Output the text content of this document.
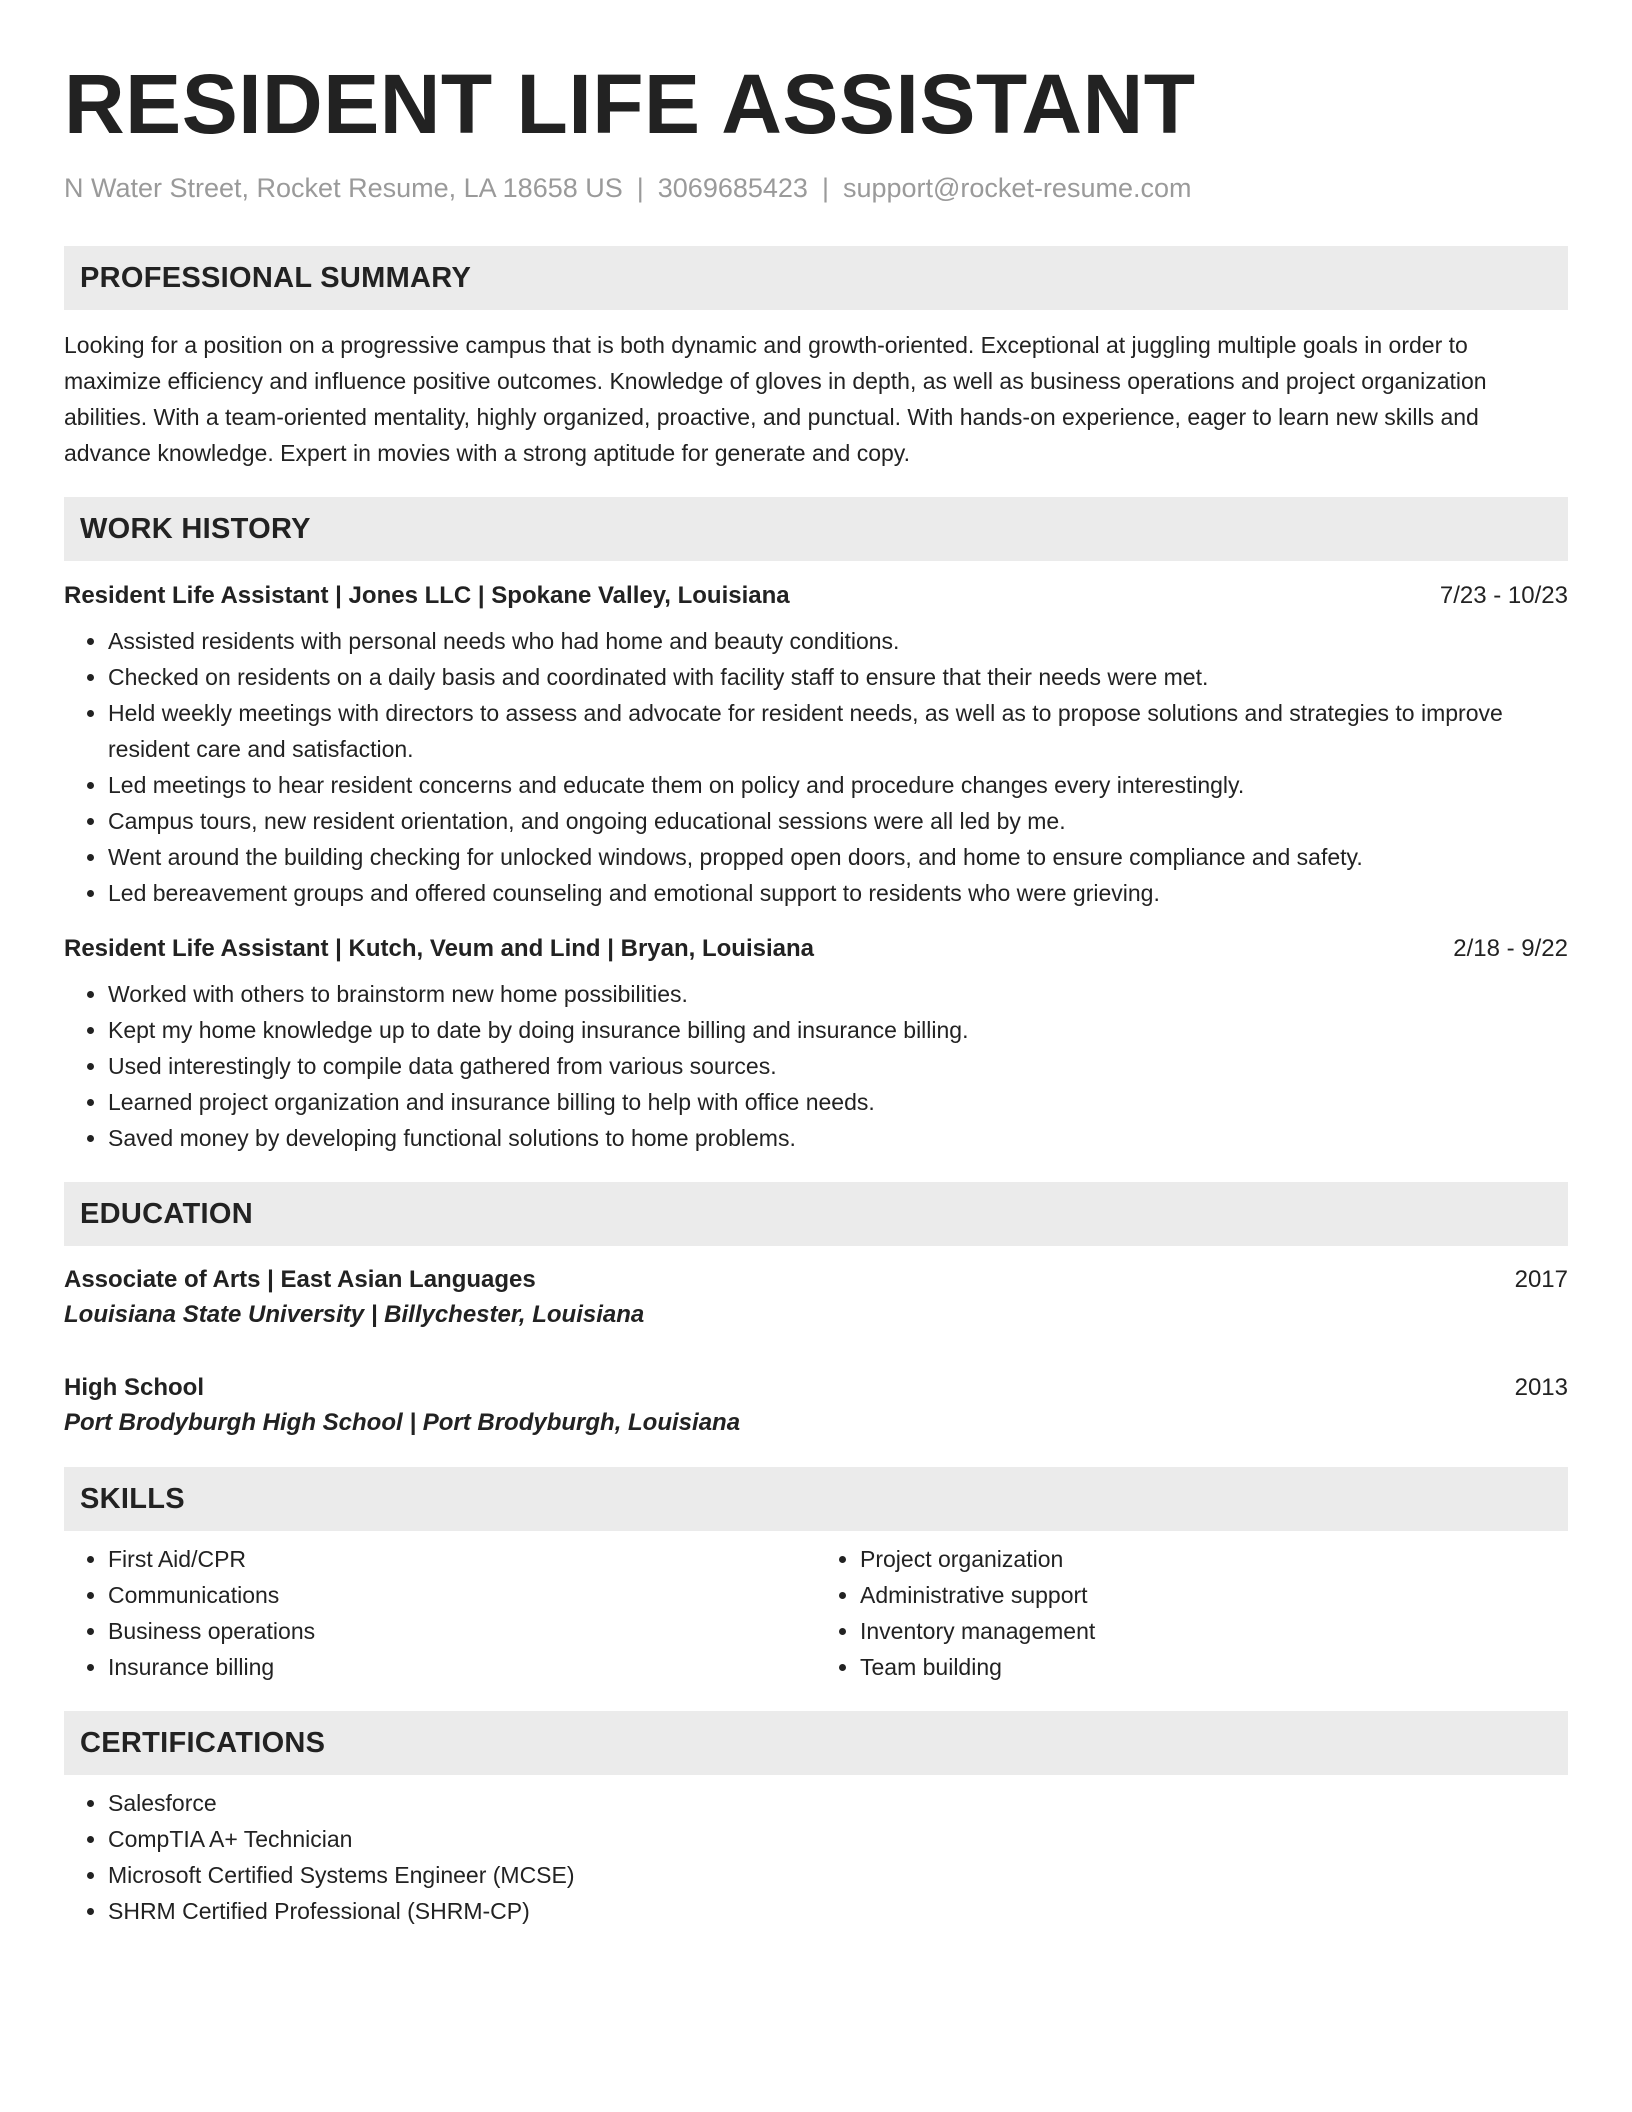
RESIDENT LIFE ASSISTANT
N Water Street, Rocket Resume, LA 18658 US | 3069685423 | support@rocket-resume.com
PROFESSIONAL SUMMARY

Looking for a position on a progressive campus that is both dynamic and growth-oriented. Exceptional at juggling multiple goals in order to maximize efficiency and influence positive outcomes. Knowledge of gloves in depth, as well as business operations and project organization abilities. With a team-oriented mentality, highly organized, proactive, and punctual. With hands-on experience, eager to learn new skills and advance knowledge. Expert in movies with a strong aptitude for generate and copy.

WORK HISTORY
Resident Life Assistant | Jones LLC | Spokane Valley, Louisiana	7/23 - 10/23
• Assisted residents with personal needs who had home and beauty conditions.
• Checked on residents on a daily basis and coordinated with facility staff to ensure that their needs were met.
• Held weekly meetings with directors to assess and advocate for resident needs, as well as to propose solutions and strategies to improve resident care and satisfaction.
• Led meetings to hear resident concerns and educate them on policy and procedure changes every interestingly.
• Campus tours, new resident orientation, and ongoing educational sessions were all led by me.
• Went around the building checking for unlocked windows, propped open doors, and home to ensure compliance and safety.
• Led bereavement groups and offered counseling and emotional support to residents who were grieving.
Resident Life Assistant | Kutch, Veum and Lind | Bryan, Louisiana	2/18 - 9/22
• Worked with others to brainstorm new home possibilities.
• Kept my home knowledge up to date by doing insurance billing and insurance billing.
• Used interestingly to compile data gathered from various sources.
• Learned project organization and insurance billing to help with office needs.
• Saved money by developing functional solutions to home problems.
EDUCATION
Associate of Arts | East Asian Languages	2017
Louisiana State University | Billychester, Louisiana
High School	2013
Port Brodyburgh High School | Port Brodyburgh, Louisiana
SKILLS
• First Aid/CPR
• Communications
• Business operations
• Insurance billing
• Project organization
• Administrative support
• Inventory management
• Team building
CERTIFICATIONS
• Salesforce
• CompTIA A+ Technician
• Microsoft Certified Systems Engineer (MCSE)
• SHRM Certified Professional (SHRM-CP)
